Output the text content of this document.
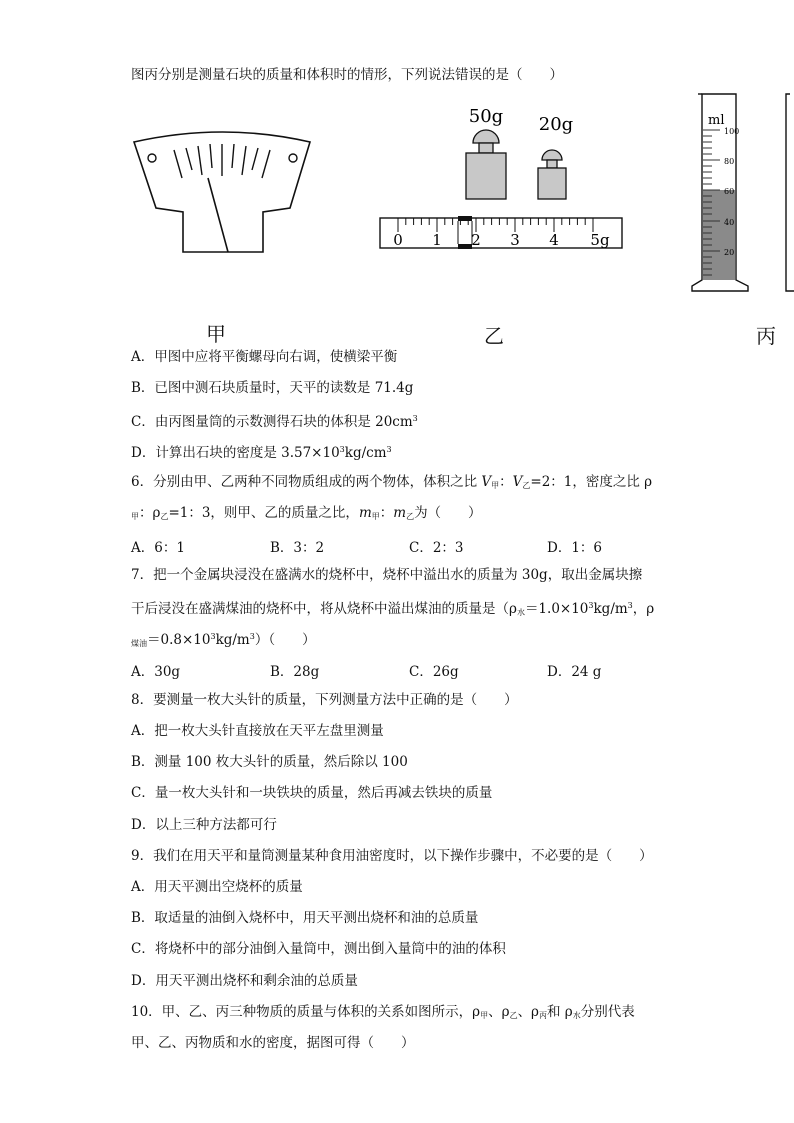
图丙分别是测量石块的质量和体积时的情形，下列说法错误的是（　　）
50g 20g
0 1 2 3 4 5g
ml
100
80
60
40
20
甲	乙	丙
A．甲图中应将平衡螺母向右调，使横梁平衡
B．已图中测石块质量时，天平的读数是 71.4g
C．由丙图量筒的示数测得石块的体积是 $20cm^3$
D．计算出石块的密度是 $3.57\times 10^3kg/cm^3$
6．分别由甲、乙两种不同物质组成的两个物体，体积之比 $V_甲$：$V_乙=2$：1，密度之比 ρ
$_甲$：$\rho_乙=1$：3，则甲、乙的质量之比，$m_甲$：$m_乙$为（　　）
A．6：1	B．3：2	C．2：3	D．1：6
7．把一个金属块浸没在盛满水的烧杯中，烧杯中溢出水的质量为 30g，取出金属块擦
干后浸没在盛满煤油的烧杯中，将从烧杯中溢出煤油的质量是（$\rho_水=1.0\times 10^3kg/m^3$，ρ
$_{煤油}=0.8\times 10^3kg/m^3$）（　　）
A．30g	B．28g	C．26g	D．24 g
8．要测量一枚大头针的质量，下列测量方法中正确的是（　　）
A．把一枚大头针直接放在天平左盘里测量
B．测量 100 枚大头针的质量，然后除以 100
C．量一枚大头针和一块铁块的质量，然后再减去铁块的质量
D．以上三种方法都可行
9．我们在用天平和量筒测量某种食用油密度时，以下操作步骤中，不必要的是（　　）
A．用天平测出空烧杯的质量
B．取适量的油倒入烧杯中，用天平测出烧杯和油的总质量
C．将烧杯中的部分油倒入量筒中，测出倒入量筒中的油的体积
D．用天平测出烧杯和剩余油的总质量
10．甲、乙、丙三种物质的质量与体积的关系如图所示，$\rho_甲$、$\rho_乙$、$\rho_丙$和 $\rho_水$分别代表
甲、乙、丙物质和水的密度，据图可得（　　）
